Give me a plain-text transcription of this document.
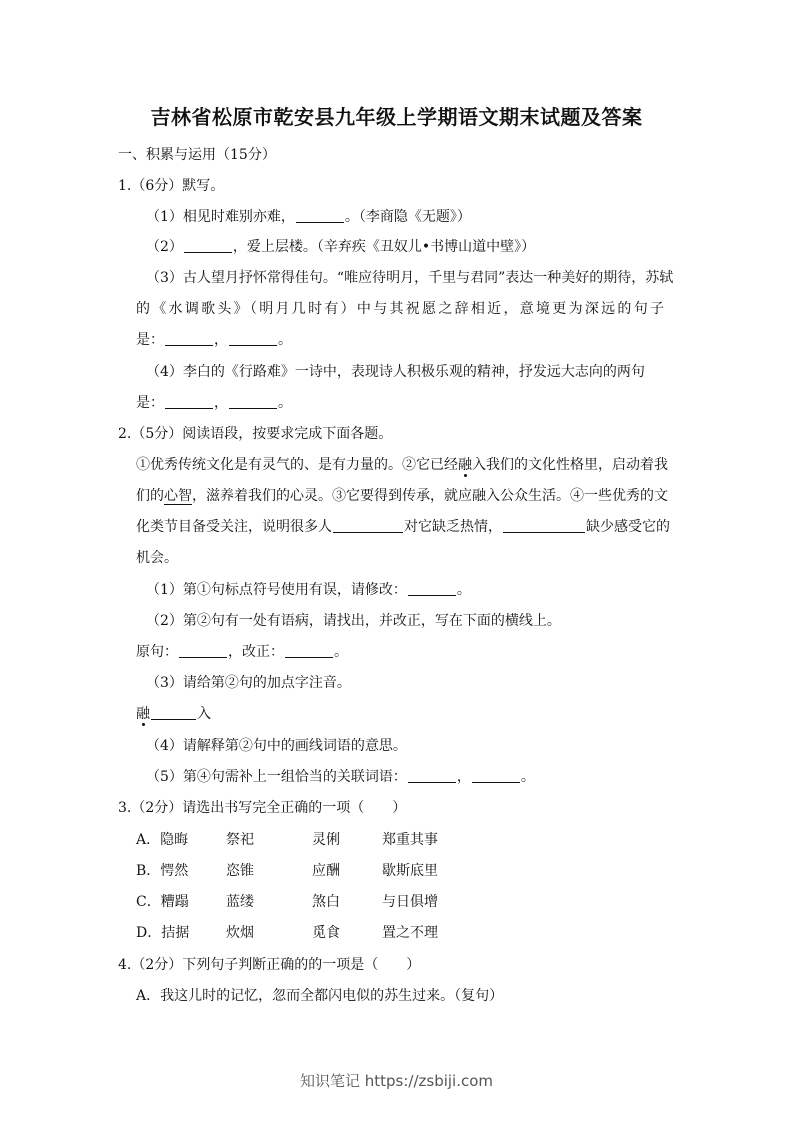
吉林省松原市乾安县九年级上学期语文期末试题及答案
一、积累与运用（15分）
1.（6分）默写。
（1）相见时难别亦难，	。（李商隐《无题》）
（2）	，爱上层楼。（辛弃疾《丑奴儿•书博山道中壁》）
（3）古人望月抒怀常得佳句。“唯应待明月，千里与君同”表达一种美好的期待，苏轼
的《水调歌头》（明月几时有）中与其祝愿之辞相近，意境更为深远的句子
是：	，	。
（4）李白的《行路难》一诗中，表现诗人积极乐观的精神，抒发远大志向的两句
是：	，	。
2.（5分）阅读语段，按要求完成下面各题。
①优秀传统文化是有灵气的、是有力量的。②它已经融入我们的文化性格里，启动着我
们的心智，滋养着我们的心灵。③它要得到传承，就应融入公众生活。④一些优秀的文
化类节目备受关注，说明很多人	对它缺乏热情，	缺少感受它的
机会。
（1）第①句标点符号使用有误，请修改：	。
（2）第②句有一处有语病，请找出，并改正，写在下面的横线上。
原句：	，改正：	。
（3）请给第②句的加点字注音。
融	入
（4）请解释第②句中的画线词语的意思。
（5）第④句需补上一组恰当的关联词语：	，	。
3.（2分）请选出书写完全正确的一项（　　）
A．隐晦	祭祀	灵俐	郑重其事
B．愕然	恣锥	应酬	歇斯底里
C．糟蹋	蓝缕	煞白	与日俱增
D．拮据	炊烟	觅食	置之不理
4.（2分）下列句子判断正确的的一项是（　　）
A．我这儿时的记忆，忽而全都闪电似的苏生过来。（复句）
知识笔记 https://zsbiji.com
